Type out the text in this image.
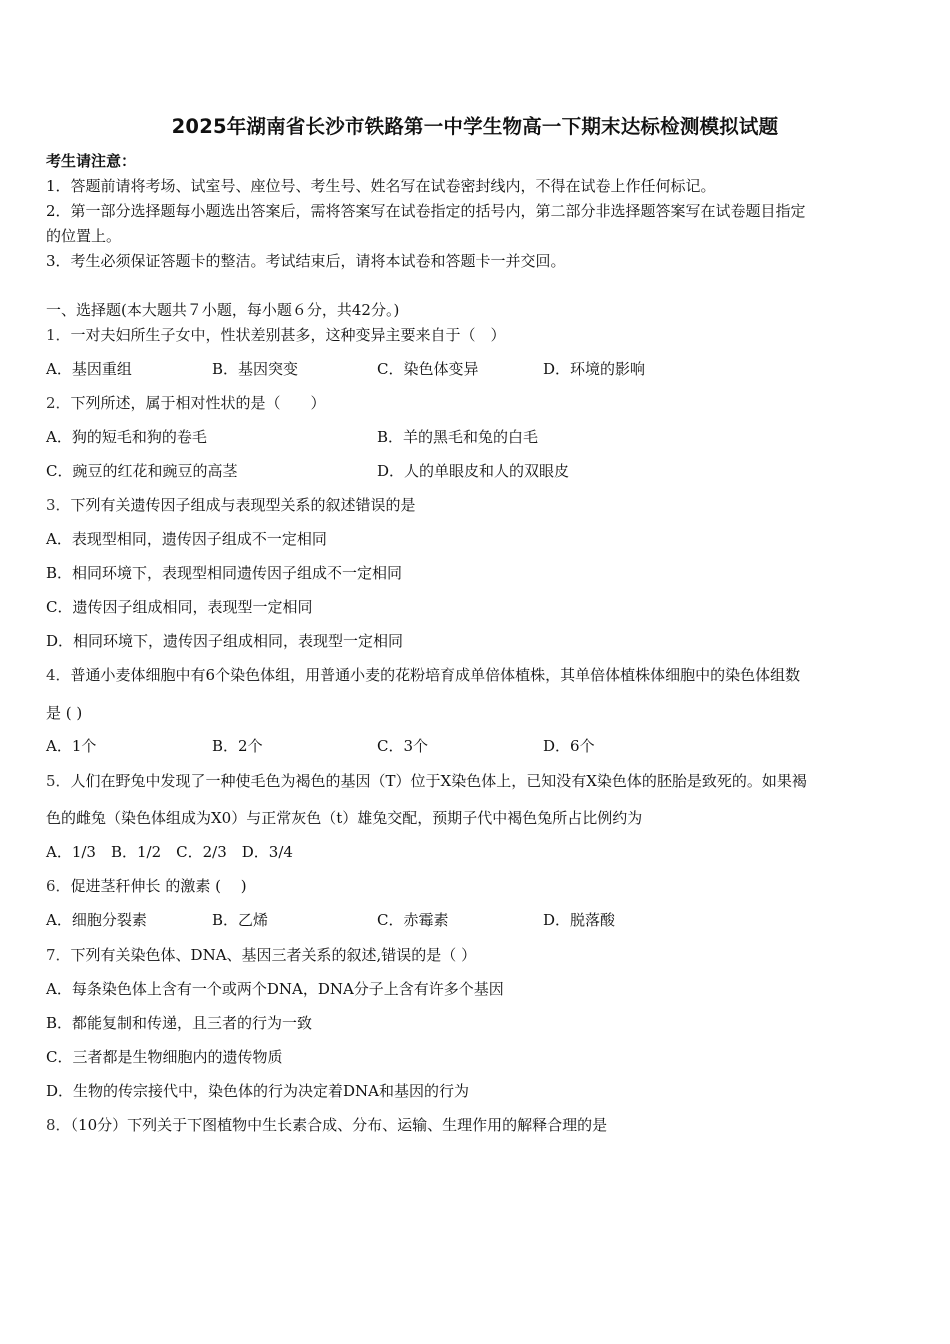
2025年湖南省长沙市铁路第一中学生物高一下期末达标检测模拟试题
考生请注意：
1．答题前请将考场、试室号、座位号、考生号、姓名写在试卷密封线内，不得在试卷上作任何标记。
2．第一部分选择题每小题选出答案后，需将答案写在试卷指定的括号内，第二部分非选择题答案写在试卷题目指定
的位置上。
3．考生必须保证答题卡的整洁。考试结束后，请将本试卷和答题卡一并交回。
一、选择题(本大题共７小题，每小题６分，共42分。)
1．一对夫妇所生子女中，性状差别甚多，这种变异主要来自于（　）
A．基因重组	B．基因突变	C．染色体变异	D．环境的影响
2．下列所述，属于相对性状的是（　　）
A．狗的短毛和狗的卷毛	B．羊的黑毛和兔的白毛
C．豌豆的红花和豌豆的高茎	D．人的单眼皮和人的双眼皮
3．下列有关遗传因子组成与表现型关系的叙述错误的是
A．表现型相同，遗传因子组成不一定相同
B．相同环境下，表现型相同遗传因子组成不一定相同
C．遗传因子组成相同，表现型一定相同
D．相同环境下，遗传因子组成相同，表现型一定相同
4．普通小麦体细胞中有6个染色体组，用普通小麦的花粉培育成单倍体植株，其单倍体植株体细胞中的染色体组数
是 ( )
A．1个	B．2个	C．3个	D．6个
5．人们在野兔中发现了一种使毛色为褐色的基因（T）位于X染色体上，已知没有X染色体的胚胎是致死的。如果褐
色的雌兔（染色体组成为X0）与正常灰色（t）雄兔交配，预期子代中褐色兔所占比例约为
A．1/3　B．1/2　C．2/3　D．3/4
6．促进茎秆伸长 的激素 (　 )
A．细胞分裂素	B．乙烯	C．赤霉素	D．脱落酸
7．下列有关染色体、DNA、基因三者关系的叙述,错误的是（ ）
A．每条染色体上含有一个或两个DNA，DNA分子上含有许多个基因
B．都能复制和传递，且三者的行为一致
C．三者都是生物细胞内的遗传物质
D．生物的传宗接代中，染色体的行为决定着DNA和基因的行为
8．（10分）下列关于下图植物中生长素合成、分布、运输、生理作用的解释合理的是
